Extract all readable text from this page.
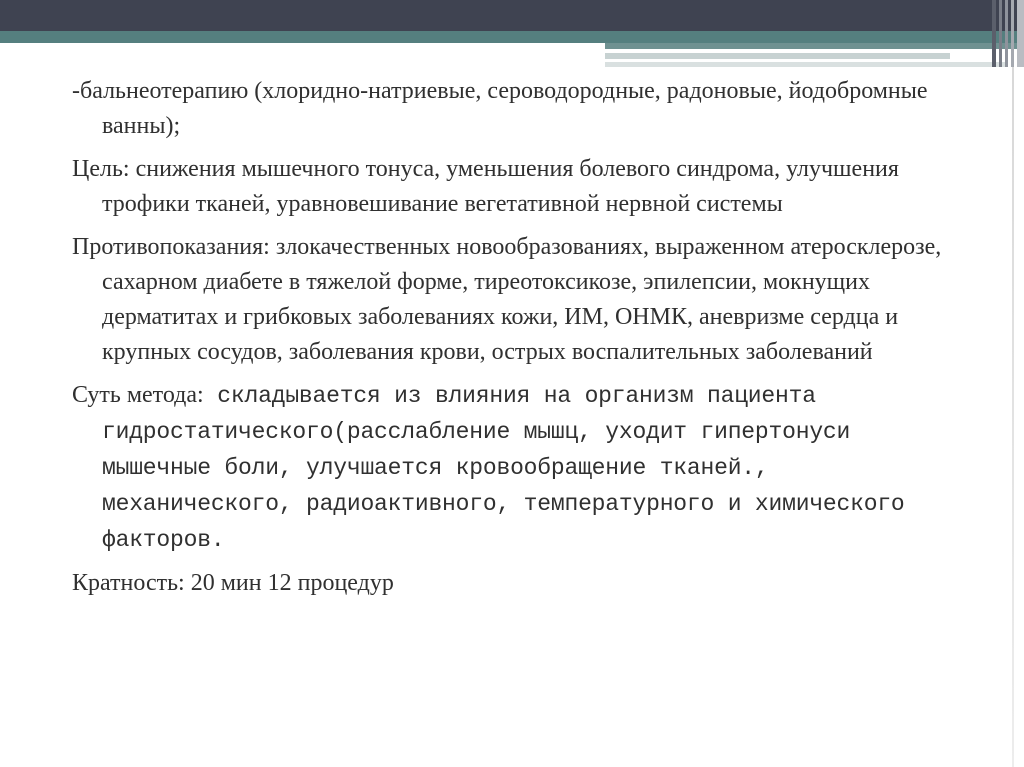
-бальнеотерапию (хлоридно-натриевые, сероводородные, радоновые, йодобромные ванны);

Цель: снижения мышечного тонуса, уменьшения болевого синдрома, улучшения трофики тканей, уравновешивание вегетативной нервной системы

Противопоказания: злокачественных новообразованиях, выраженном атеросклерозе, сахарном диабете в тяжелой форме, тиреотоксикозе, эпилепсии, мокнущих дерматитах и грибковых заболеваниях кожи, ИМ, ОНМК, аневризме сердца и крупных сосудов, заболевания крови, острых воспалительных заболеваний

Суть метода: складывается из влияния на организм пациента гидростатического(расслабление мышц, уходит гипертонуси мышечные боли, улучшается кровообращение тканей., механического, радиоактивного, температурного и химического факторов.

Кратность: 20 мин 12 процедур
